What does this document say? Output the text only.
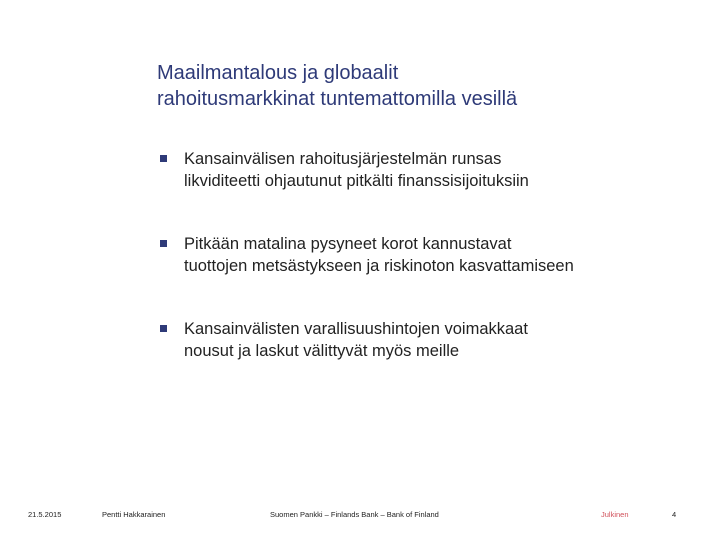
Maailmantalous ja globaalit
rahoitusmarkkinat tuntemattomilla vesillä
Kansainvälisen rahoitusjärjestelmän runsas
likviditeetti ohjautunut pitkälti finanssisijoituksiin
Pitkään matalina pysyneet korot kannustavat
tuottojen metsästykseen ja riskinoton kasvattamiseen
Kansainvälisten varallisuushintojen voimakkaat
nousut ja laskut välittyvät myös meille
21.5.2015	Pentti Hakkarainen	Suomen Pankki – Finlands Bank – Bank of Finland	Julkinen	4
